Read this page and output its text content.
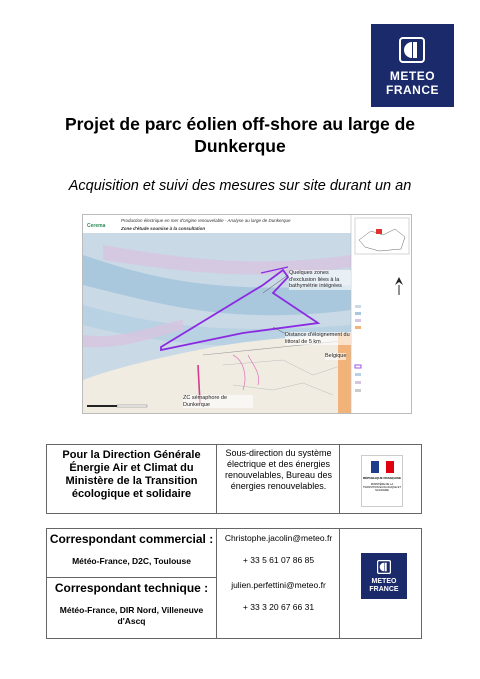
METEO
FRANCE
Projet de parc éolien off-shore au large de Dunkerque
Acquisition et suivi des mesures sur site durant un an
Cerema
Production électrique en mer d'origine renouvelable - Analyse au large de Dunkerque
Zone d'étude soumise à la consultation
Quelques zones d'exclusion liées à la bathymétrie intégrées
Distance d'éloignement du littoral de 5 km
ZC sémaphore de Dunkerque
Belgique
Pour la Direction Générale Énergie Air et Climat du Ministère de la Transition écologique et solidaire
Sous-direction du système électrique et des énergies renouvelables, Bureau des énergies renouvelables.
RÉPUBLIQUE FRANÇAISE
MINISTÈRE DE LA TRANSITION ÉCOLOGIQUE ET SOLIDAIRE
Correspondant commercial :
Météo-France, D2C, Toulouse
Correspondant technique :
Météo-France, DIR Nord, Villeneuve d'Ascq
Christophe.jacolin@meteo.fr
+ 33 5 61 07 86 85
julien.perfettini@meteo.fr
+ 33 3 20 67 66 31
METEO
FRANCE
